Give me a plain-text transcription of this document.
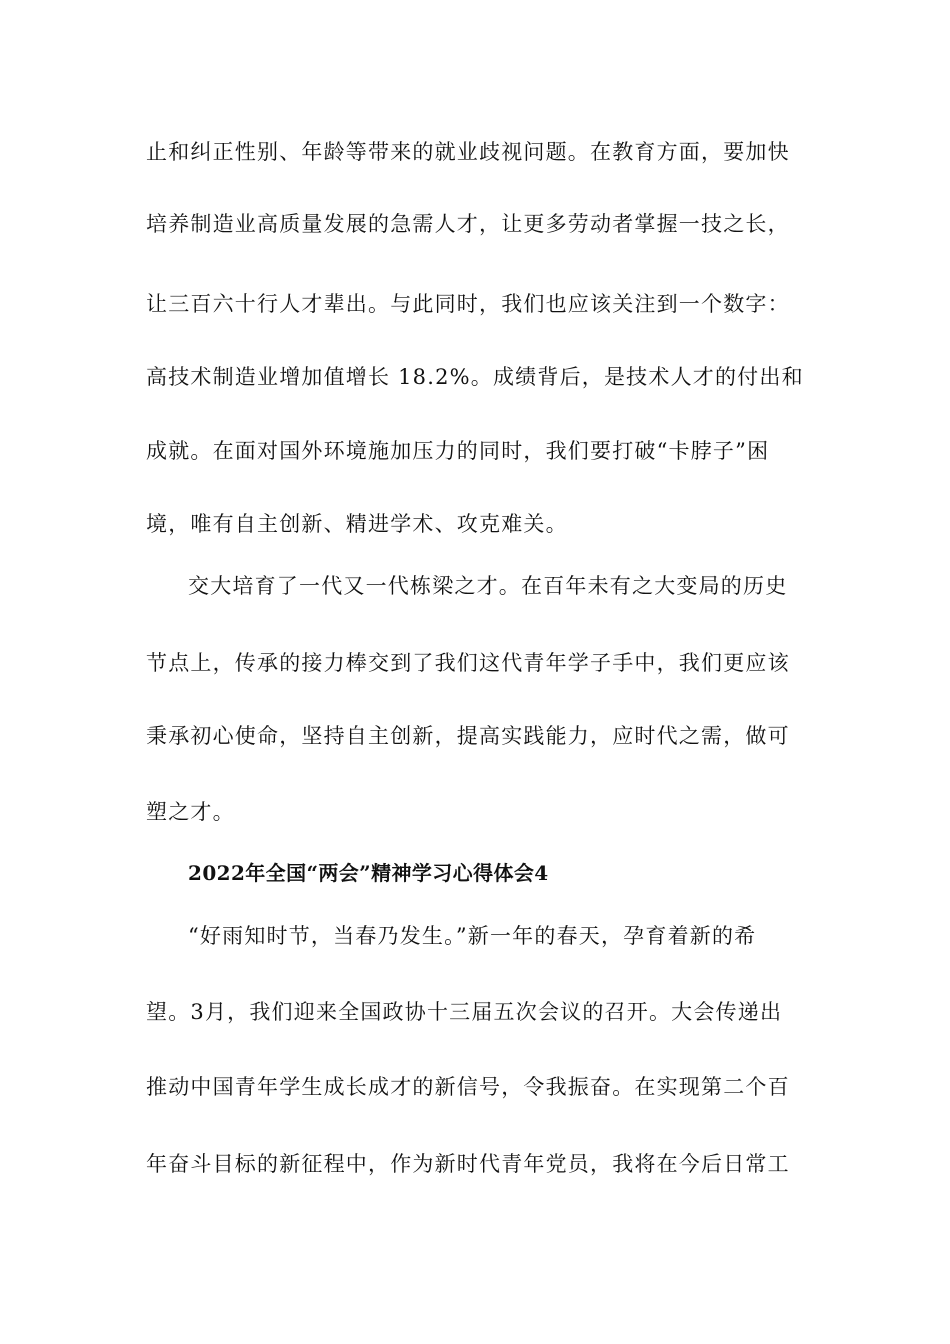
止和纠正性别、年龄等带来的就业歧视问题。在教育方面，要加快
培养制造业高质量发展的急需人才，让更多劳动者掌握一技之长，
让三百六十行人才辈出。与此同时，我们也应该关注到一个数字：
高技术制造业增加值增长 18.2%。成绩背后，是技术人才的付出和
成就。在面对国外环境施加压力的同时，我们要打破“卡脖子”困
境，唯有自主创新、精进学术、攻克难关。
交大培育了一代又一代栋梁之才。在百年未有之大变局的历史
节点上，传承的接力棒交到了我们这代青年学子手中，我们更应该
秉承初心使命，坚持自主创新，提高实践能力，应时代之需，做可
塑之才。
2022年全国“两会”精神学习心得体会4
“好雨知时节，当春乃发生。”新一年的春天，孕育着新的希
望。3月，我们迎来全国政协十三届五次会议的召开。大会传递出
推动中国青年学生成长成才的新信号，令我振奋。在实现第二个百
年奋斗目标的新征程中，作为新时代青年党员，我将在今后日常工
